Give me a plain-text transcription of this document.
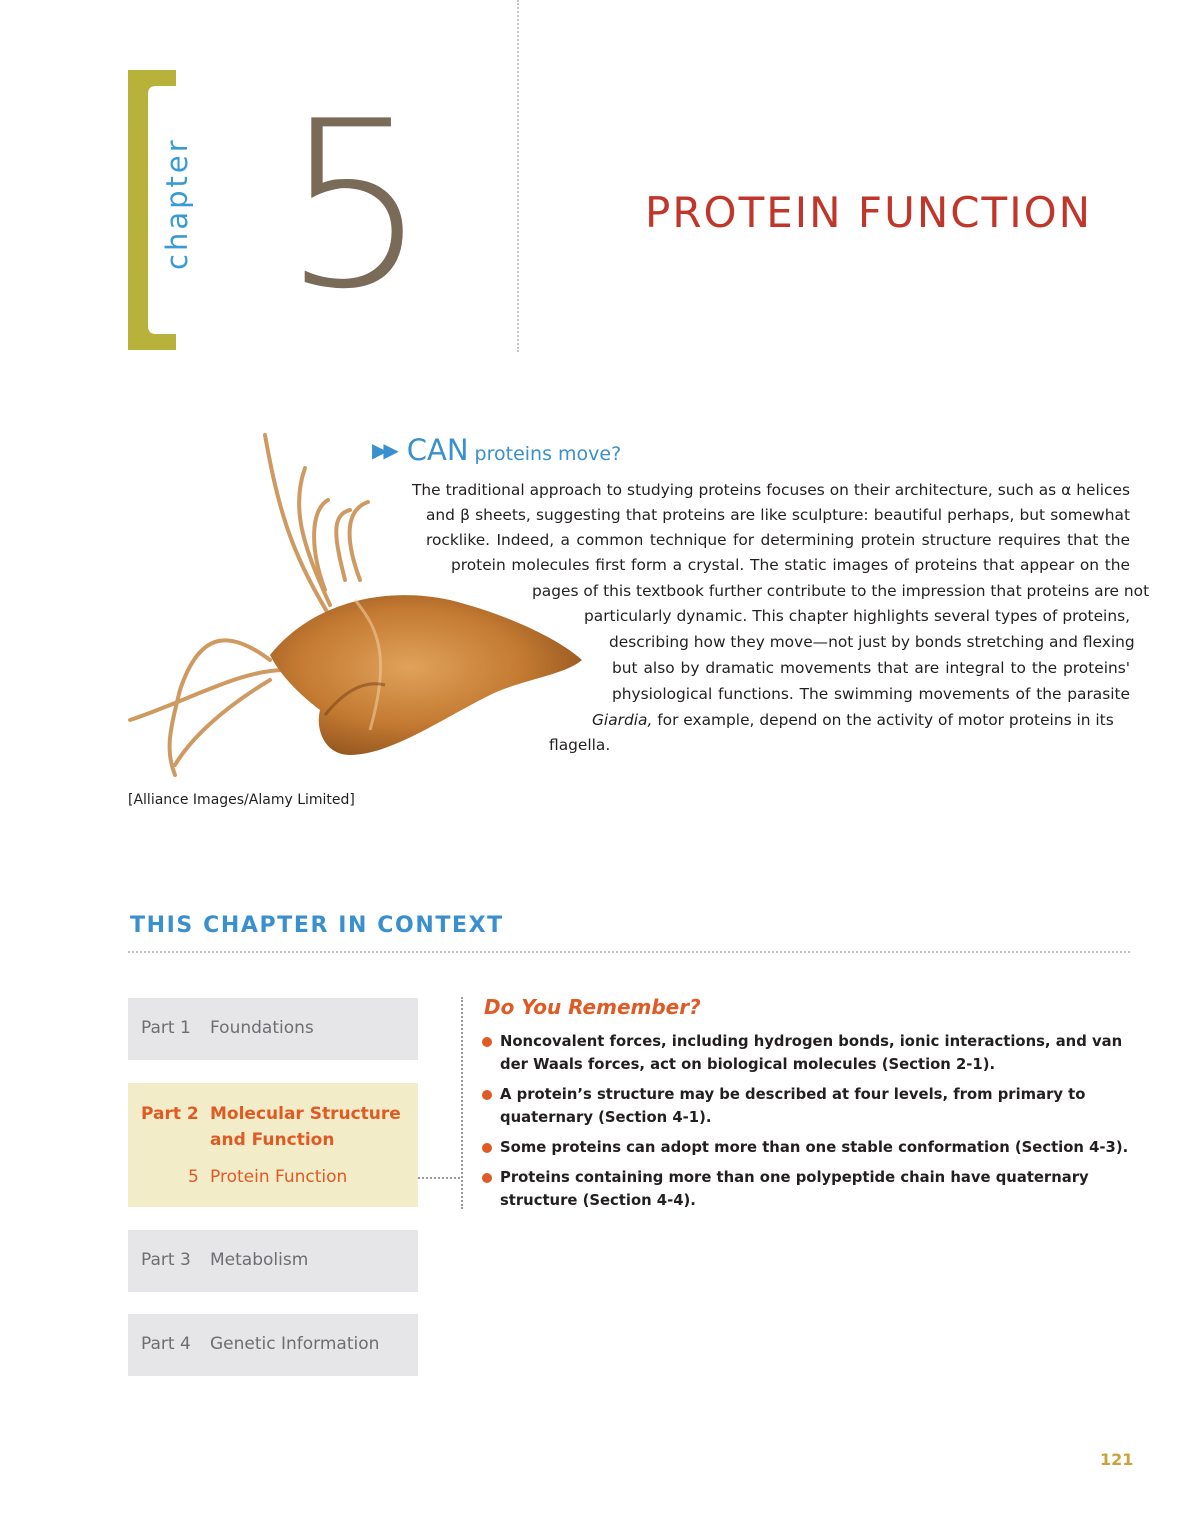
chapter 5	PROTEIN FUNCTION
[Alliance Images/Alamy Limited]
▶▶ CAN proteins move?
The traditional approach to studying proteins focuses on their architecture, such as α helices
and β sheets, suggesting that proteins are like sculpture: beautiful perhaps, but somewhat
rocklike. Indeed, a common technique for determining protein structure requires that the
protein molecules first form a crystal. The static images of proteins that appear on the
pages of this textbook further contribute to the impression that proteins are not
particularly dynamic. This chapter highlights several types of proteins,
describing how they move—not just by bonds stretching and flexing
but also by dramatic movements that are integral to the proteins'
physiological functions. The swimming movements of the parasite
Giardia, for example, depend on the activity of motor proteins in its
flagella.
THIS CHAPTER IN CONTEXT
Part 1 Foundations
Part 2 Molecular Structure
and Function
5 Protein Function
Part 3 Metabolism
Part 4 Genetic Information
Do You Remember?
Noncovalent forces, including hydrogen bonds, ionic interactions, and van der Waals forces, act on biological molecules (Section 2-1).
A protein’s structure may be described at four levels, from primary to quaternary (Section 4-1).
Some proteins can adopt more than one stable conformation (Section 4-3).
Proteins containing more than one polypeptide chain have quaternary structure (Section 4-4).
121
